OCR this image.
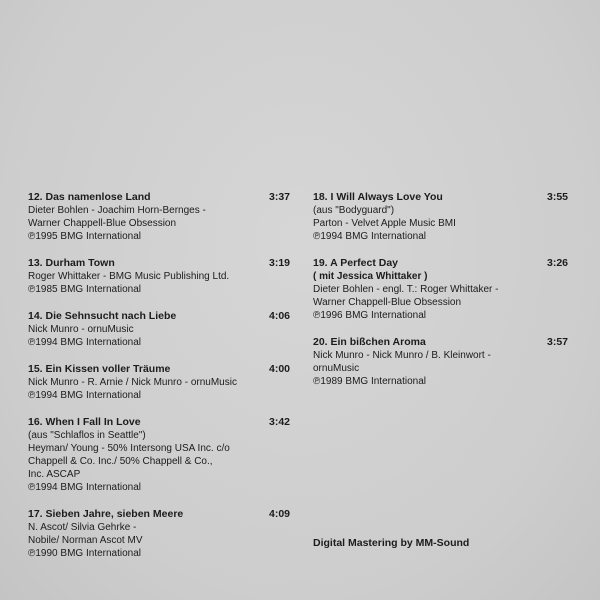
12. Das namenlose Land	3:37
Dieter Bohlen - Joachim Horn-Bernges -
Warner Chappell-Blue Obsession
℗1995 BMG International
13. Durham Town	3:19
Roger Whittaker - BMG Music Publishing Ltd.
℗1985 BMG International
14. Die Sehnsucht nach Liebe	4:06
Nick Munro - ornuMusic
℗1994 BMG International
15. Ein Kissen voller Träume	4:00
Nick Munro - R. Arnie / Nick Munro - ornuMusic
℗1994 BMG International
16. When I Fall In Love	3:42
(aus "Schlaflos in Seattle")
Heyman/ Young - 50% Intersong USA Inc. c/o
Chappell & Co. Inc./ 50% Chappell & Co.,
Inc. ASCAP
℗1994 BMG International
17. Sieben Jahre, sieben Meere	4:09
N. Ascot/ Silvia Gehrke -
Nobile/ Norman Ascot MV
℗1990 BMG International
18. I Will Always Love You	3:55
(aus "Bodyguard")
Parton - Velvet Apple Music BMI
℗1994 BMG International
19. A Perfect Day	3:26
( mit Jessica Whittaker )
Dieter Bohlen - engl. T.: Roger Whittaker -
Warner Chappell-Blue Obsession
℗1996 BMG International
20. Ein bißchen Aroma	3:57
Nick Munro - Nick Munro / B. Kleinwort -
ornuMusic
℗1989 BMG International
Digital Mastering by MM-Sound
